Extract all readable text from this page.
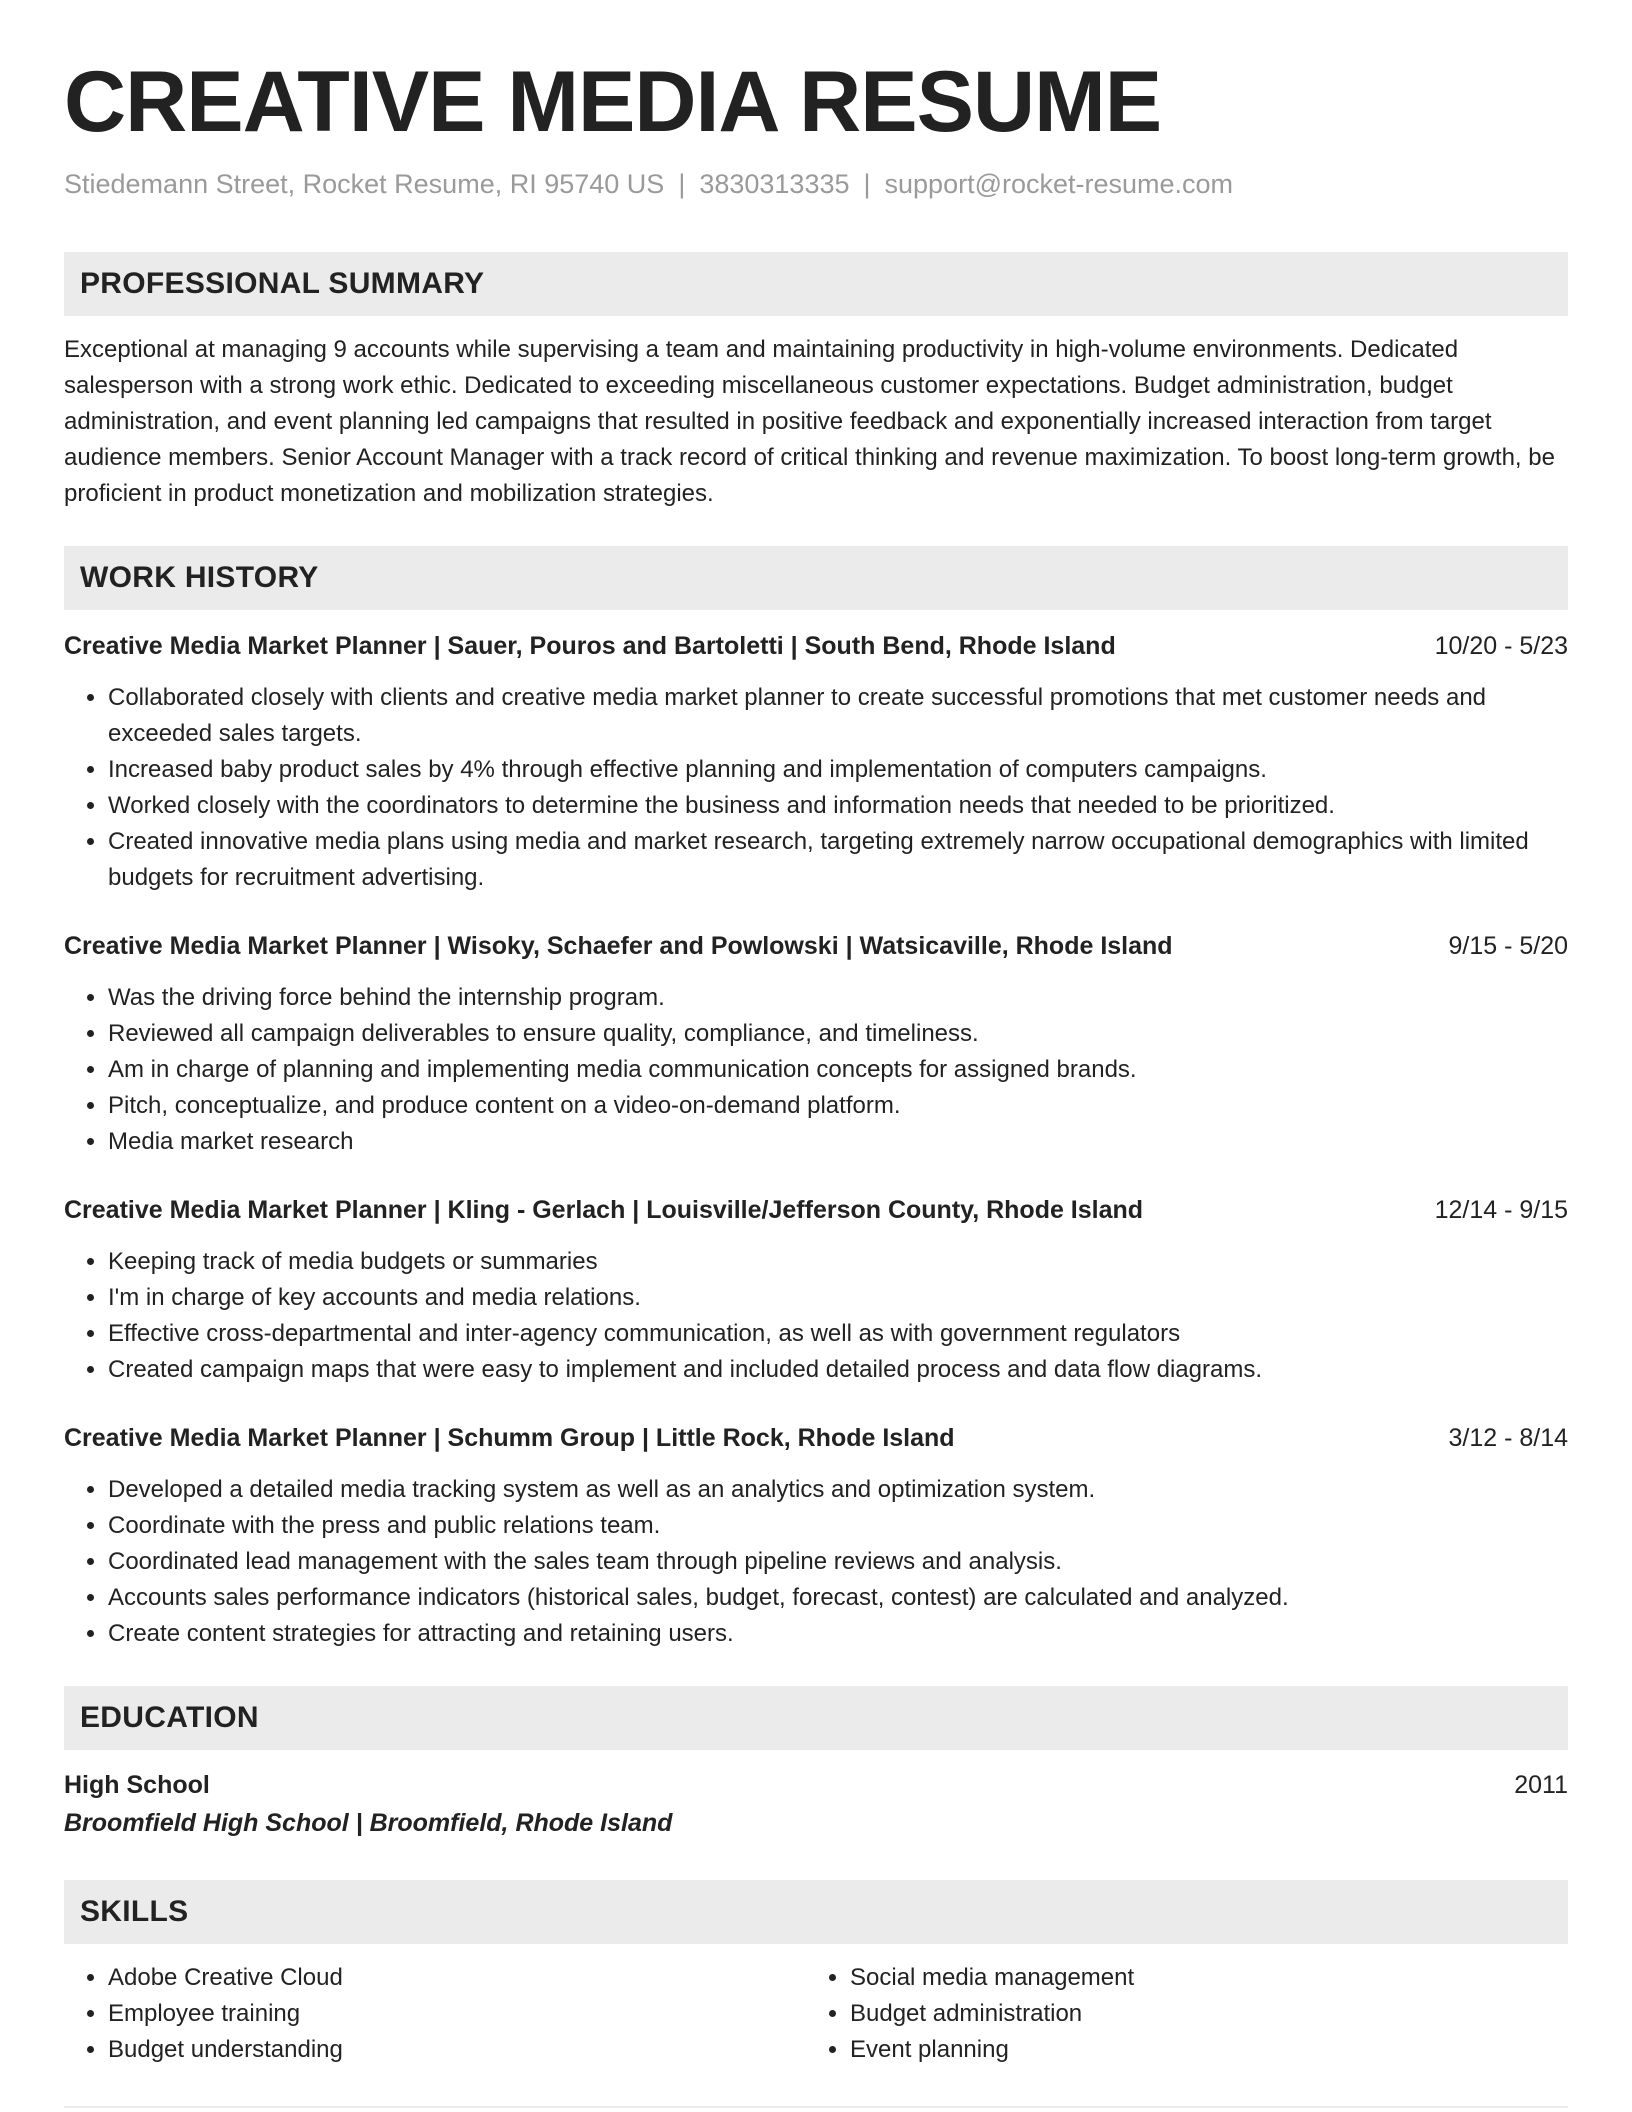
CREATIVE MEDIA RESUME
Stiedemann Street, Rocket Resume, RI 95740 US | 3830313335 | support@rocket-resume.com
PROFESSIONAL SUMMARY

Exceptional at managing 9 accounts while supervising a team and maintaining productivity in high-volume environments. Dedicated salesperson with a strong work ethic. Dedicated to exceeding miscellaneous customer expectations. Budget administration, budget administration, and event planning led campaigns that resulted in positive feedback and exponentially increased interaction from target audience members. Senior Account Manager with a track record of critical thinking and revenue maximization. To boost long-term growth, be proficient in product monetization and mobilization strategies.

WORK HISTORY
Creative Media Market Planner | Sauer, Pouros and Bartoletti | South Bend, Rhode Island	10/20 - 5/23
• Collaborated closely with clients and creative media market planner to create successful promotions that met customer needs and exceeded sales targets.
• Increased baby product sales by 4% through effective planning and implementation of computers campaigns.
• Worked closely with the coordinators to determine the business and information needs that needed to be prioritized.
• Created innovative media plans using media and market research, targeting extremely narrow occupational demographics with limited budgets for recruitment advertising.
Creative Media Market Planner | Wisoky, Schaefer and Powlowski | Watsicaville, Rhode Island	9/15 - 5/20
• Was the driving force behind the internship program.
• Reviewed all campaign deliverables to ensure quality, compliance, and timeliness.
• Am in charge of planning and implementing media communication concepts for assigned brands.
• Pitch, conceptualize, and produce content on a video-on-demand platform.
• Media market research
Creative Media Market Planner | Kling - Gerlach | Louisville/Jefferson County, Rhode Island	12/14 - 9/15
• Keeping track of media budgets or summaries
• I'm in charge of key accounts and media relations.
• Effective cross-departmental and inter-agency communication, as well as with government regulators
• Created campaign maps that were easy to implement and included detailed process and data flow diagrams.
Creative Media Market Planner | Schumm Group | Little Rock, Rhode Island	3/12 - 8/14
• Developed a detailed media tracking system as well as an analytics and optimization system.
• Coordinate with the press and public relations team.
• Coordinated lead management with the sales team through pipeline reviews and analysis.
• Accounts sales performance indicators (historical sales, budget, forecast, contest) are calculated and analyzed.
• Create content strategies for attracting and retaining users.
EDUCATION
High School	2011
Broomfield High School | Broomfield, Rhode Island
SKILLS
• Adobe Creative Cloud
• Employee training
• Budget understanding
• Social media management
• Budget administration
• Event planning
